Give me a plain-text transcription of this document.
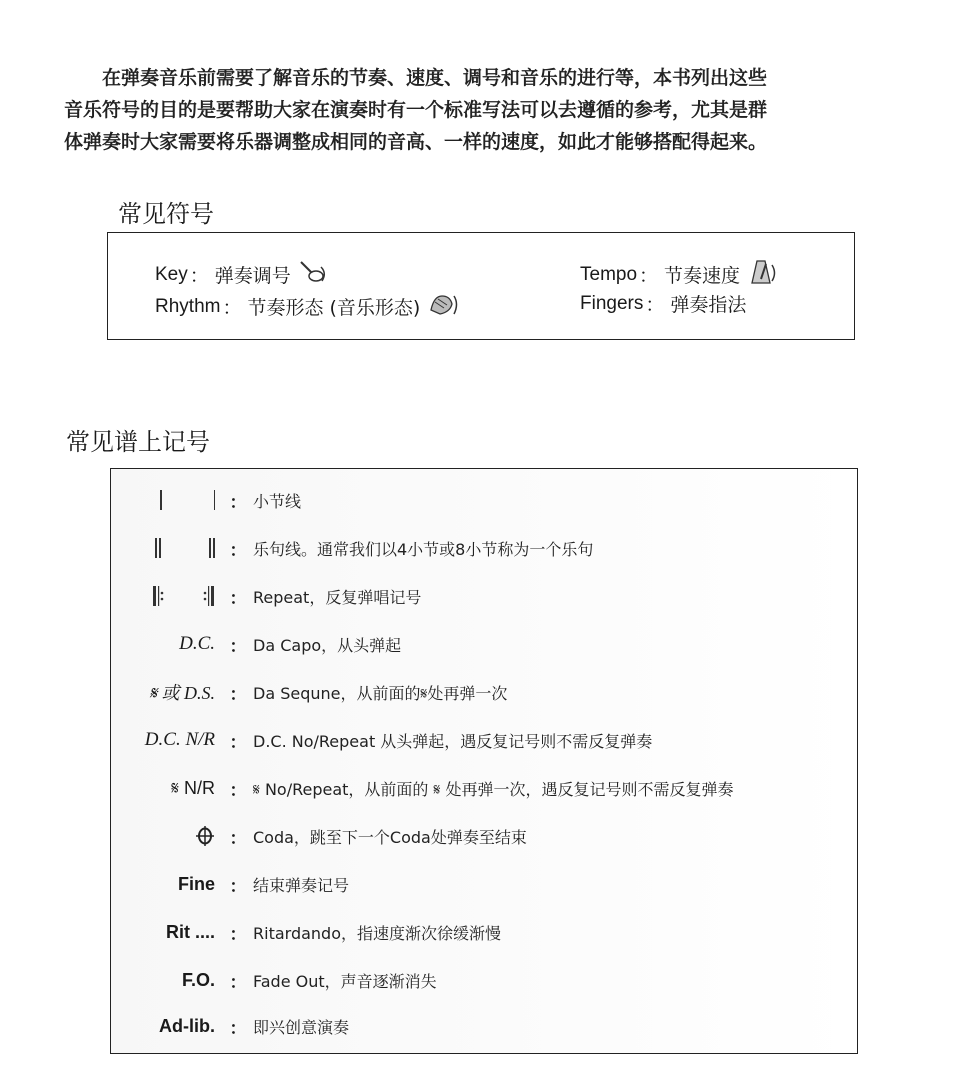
在弹奏音乐前需要了解音乐的节奏、速度、调号和音乐的进行等，本书列出这些

音乐符号的目的是要帮助大家在演奏时有一个标准写法可以去遵循的参考，尤其是群
体弹奏时大家需要将乐器调整成相同的音高、一样的速度，如此才能够搭配得起来。
常见符号
Key ： 弹奏调号
Rhythm ： 节奏形态 (音乐形态)
Tempo ： 节奏速度
Fingers ： 弹奏指法
常见谱上记号
： 小节线
： 乐句线。通常我们以4小节或8小节称为一个乐句
： Repeat，反复弹唱记号
D.C. ： Da Capo，从头弹起
𝄋 或 D.S. ： Da Sequne，从前面的𝄋处再弹一次
D.C. N/R ： D.C. No/Repeat 从头弹起，遇反复记号则不需反复弹奏
𝄋 N/R ： 𝄋 No/Repeat，从前面的 𝄋 处再弹一次，遇反复记号则不需反复弹奏
： Coda，跳至下一个Coda处弹奏至结束
Fine ： 结束弹奏记号
Rit .... ： Ritardando，指速度渐次徐缓渐慢
F.O. ： Fade Out，声音逐渐消失
Ad-lib. ： 即兴创意演奏
